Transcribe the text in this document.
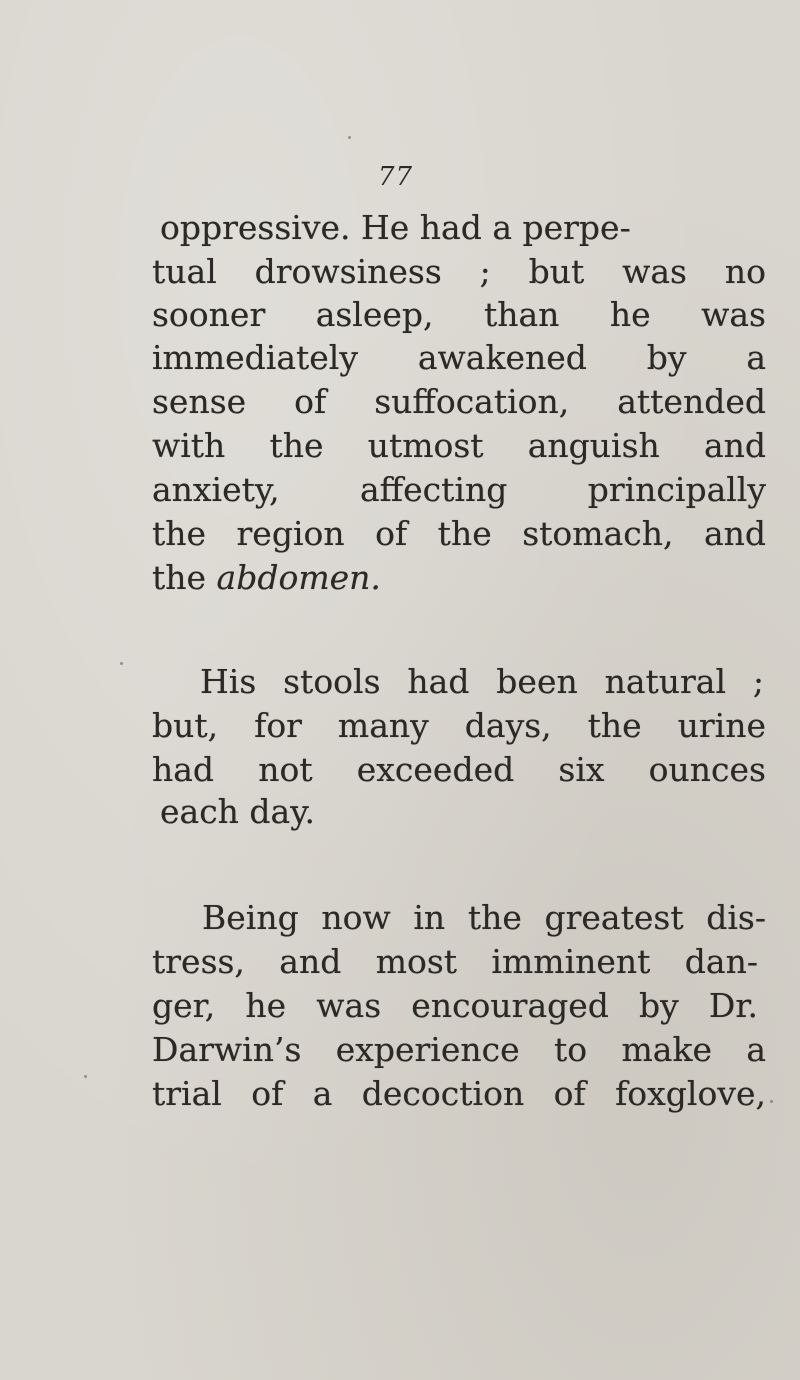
77
oppressive. He had a perpe-
tual drowsiness ; but was no
sooner asleep, than he was
immediately awakened by a
sense of suffocation, attended
with the utmost anguish and
anxiety, affecting principally
the region of the stomach, and
the abdomen.
His stools had been natural ;
but, for many days, the urine
had not exceeded six ounces
each day.
Being now in the greatest dis-
tress, and most imminent dan-
ger, he was encouraged by Dr.
Darwin’s experience to make a
trial of a decoction of foxglove,
